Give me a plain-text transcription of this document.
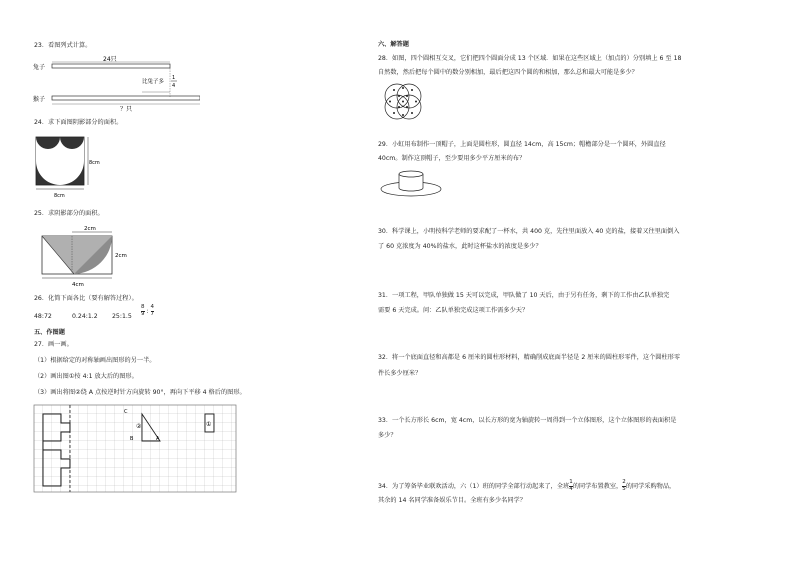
23．看图列式计算。
兔子
24只
比兔子多
1
4
猴子
？只
24．求下面图阴影部分的面积。
8cm
8cm
25．求阴影部分的面积。
2cm
2cm
4cm
26．化简下面各比（要有解答过程）。
48:72	0.24:1.2 25:1.5 $\frac{8}{9}$ : $\frac{4}{7}$
五、作图题
27．画一画。
（1）根据给定的对称轴画出图形的另一半。
（2）画出图①按 4:1 放大后的图形。
（3）画出将图②绕 A 点按逆时针方向旋转 90°，再向下平移 4 格后的图形。
C
B	A
②	①
六、解答题
28．如图，四个圆相互交叉，它们把四个圆面分成 13 个区域．如果在这些区域上（加点的）分别填上 6 至 18
自然数，然后把每个圆中的数分别相加，最后把这四个圆的和相加，那么总和最大可能是多少？
29．小虹用布制作一顶帽子，上面是圆柱形，圆直径 14cm，高 15cm；帽檐部分是一个圆环，外圆直径
40cm。制作这顶帽子，至少要用多少平方厘米的布？
30．科学课上，小明按科学老师的要求配了一杯水，共 400 克，先往里面放入 40 克的盐，接着又往里面倒入
了 60 克浓度为 40%的盐水，此时这杯盐水的浓度是多少？
31．一项工程，甲队单独做 15 天可以完成，甲队做了 10 天后，由于另有任务，剩下的工作由乙队单独完
需要 6 天完成。问：乙队单独完成这项工作需多少天？
32．将一个底面直径和高都是 6 厘米的圆柱形材料，精确削成底面半径是 2 厘米的圆柱形零件，这个圆柱形零
件长多少厘米？
33．一个长方形长 6cm，宽 4cm，以长方形的宽为轴旋转一周得到一个立体图形，这个立体图形的表面积是
多少？
34．为了筹备毕业联欢活动，六（1）班的同学全部行动起来了，全班 $\frac{1}{4}$ 的同学布置教室， $\frac{2}{5}$ 的同学采购物品，
其余的 14 名同学准备娱乐节目。全班有多少名同学？
